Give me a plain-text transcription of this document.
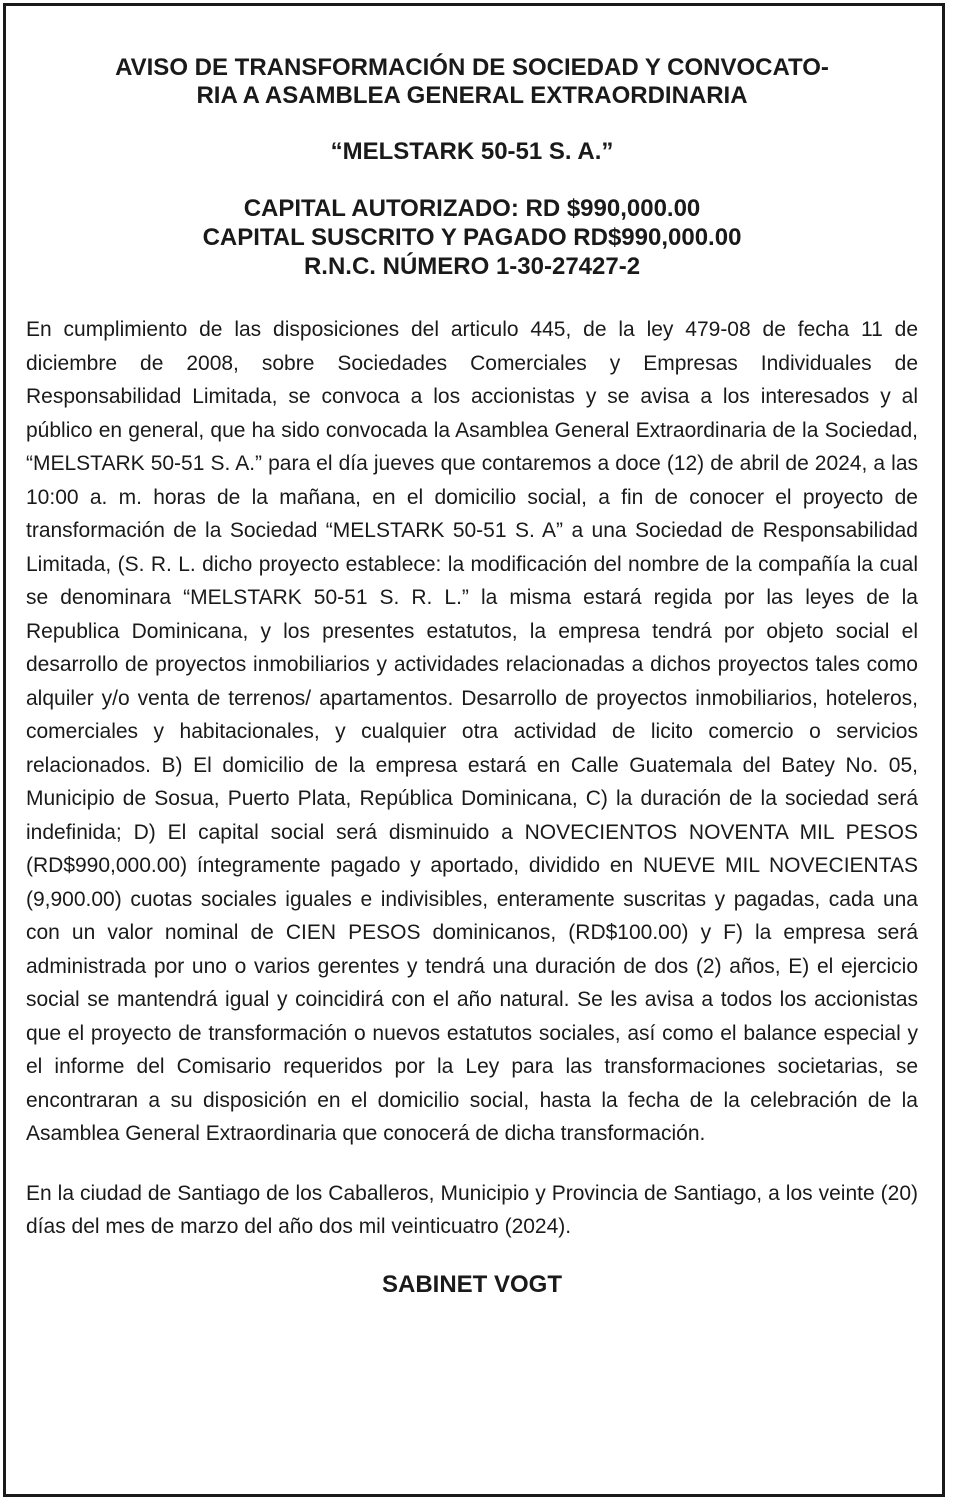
AVISO DE TRANSFORMACIÓN DE SOCIEDAD Y CONVOCATO-
RIA A ASAMBLEA GENERAL EXTRAORDINARIA
“MELSTARK 50-51 S. A.”
CAPITAL AUTORIZADO: RD $990,000.00
CAPITAL SUSCRITO Y PAGADO RD$990,000.00
R.N.C. NÚMERO 1-30-27427-2

En cumplimiento de las disposiciones del articulo 445, de la ley 479-08 de fecha 11 de diciembre de 2008, sobre Sociedades Comerciales y Empresas Individuales de Responsabilidad Limitada, se convoca a los accionistas y se avisa a los interesados y al público en general, que ha sido convocada la Asamblea General Extraordinaria de la Sociedad, “MELSTARK 50-51 S. A.” para el día jueves que contaremos a doce (12) de abril de 2024, a las 10:00 a. m. horas de la mañana, en el domicilio social, a fin de conocer el proyecto de transformación de la Sociedad “MELSTARK 50-51 S. A” a una Sociedad de Responsabilidad Limitada, (S. R. L. dicho proyecto establece: la modificación del nombre de la compañía la cual se denominara “MELSTARK 50-51 S. R. L.” la misma estará regida por las leyes de la Republica Dominicana, y los presentes estatutos, la empresa tendrá por objeto social el desarrollo de proyectos inmobiliarios y actividades relacionadas a dichos proyectos tales como alquiler y/o venta de terrenos/ apartamentos. Desarrollo de proyectos inmobiliarios, hoteleros, comerciales y habitacionales, y cualquier otra actividad de licito comercio o servicios relacionados. B) El domicilio de la empresa estará en Calle Guatemala del Batey No. 05, Municipio de Sosua, Puerto Plata, República Dominicana, C) la duración de la sociedad será indefinida; D) El capital social será disminuido a NOVECIENTOS NOVENTA MIL PESOS (RD$990,000.00) íntegramente pagado y aportado, dividido en NUEVE MIL NOVECIENTAS (9,900.00) cuotas sociales iguales e indivisibles, enteramente suscritas y pagadas, cada una con un valor nominal de CIEN PESOS dominicanos, (RD$100.00) y F) la empresa será administrada por uno o varios gerentes y tendrá una duración de dos (2) años, E) el ejercicio social se mantendrá igual y coincidirá con el año natural. Se les avisa a todos los accionistas que el proyecto de transformación o nuevos estatutos sociales, así como el balance especial y el informe del Comisario requeridos por la Ley para las transformaciones societarias, se encontraran a su disposición en el domicilio social, hasta la fecha de la celebración de la Asamblea General Extraordinaria que conocerá de dicha transformación.

En la ciudad de Santiago de los Caballeros, Municipio y Provincia de Santiago, a los veinte (20) días del mes de marzo del año dos mil veinticuatro (2024).

SABINET VOGT
